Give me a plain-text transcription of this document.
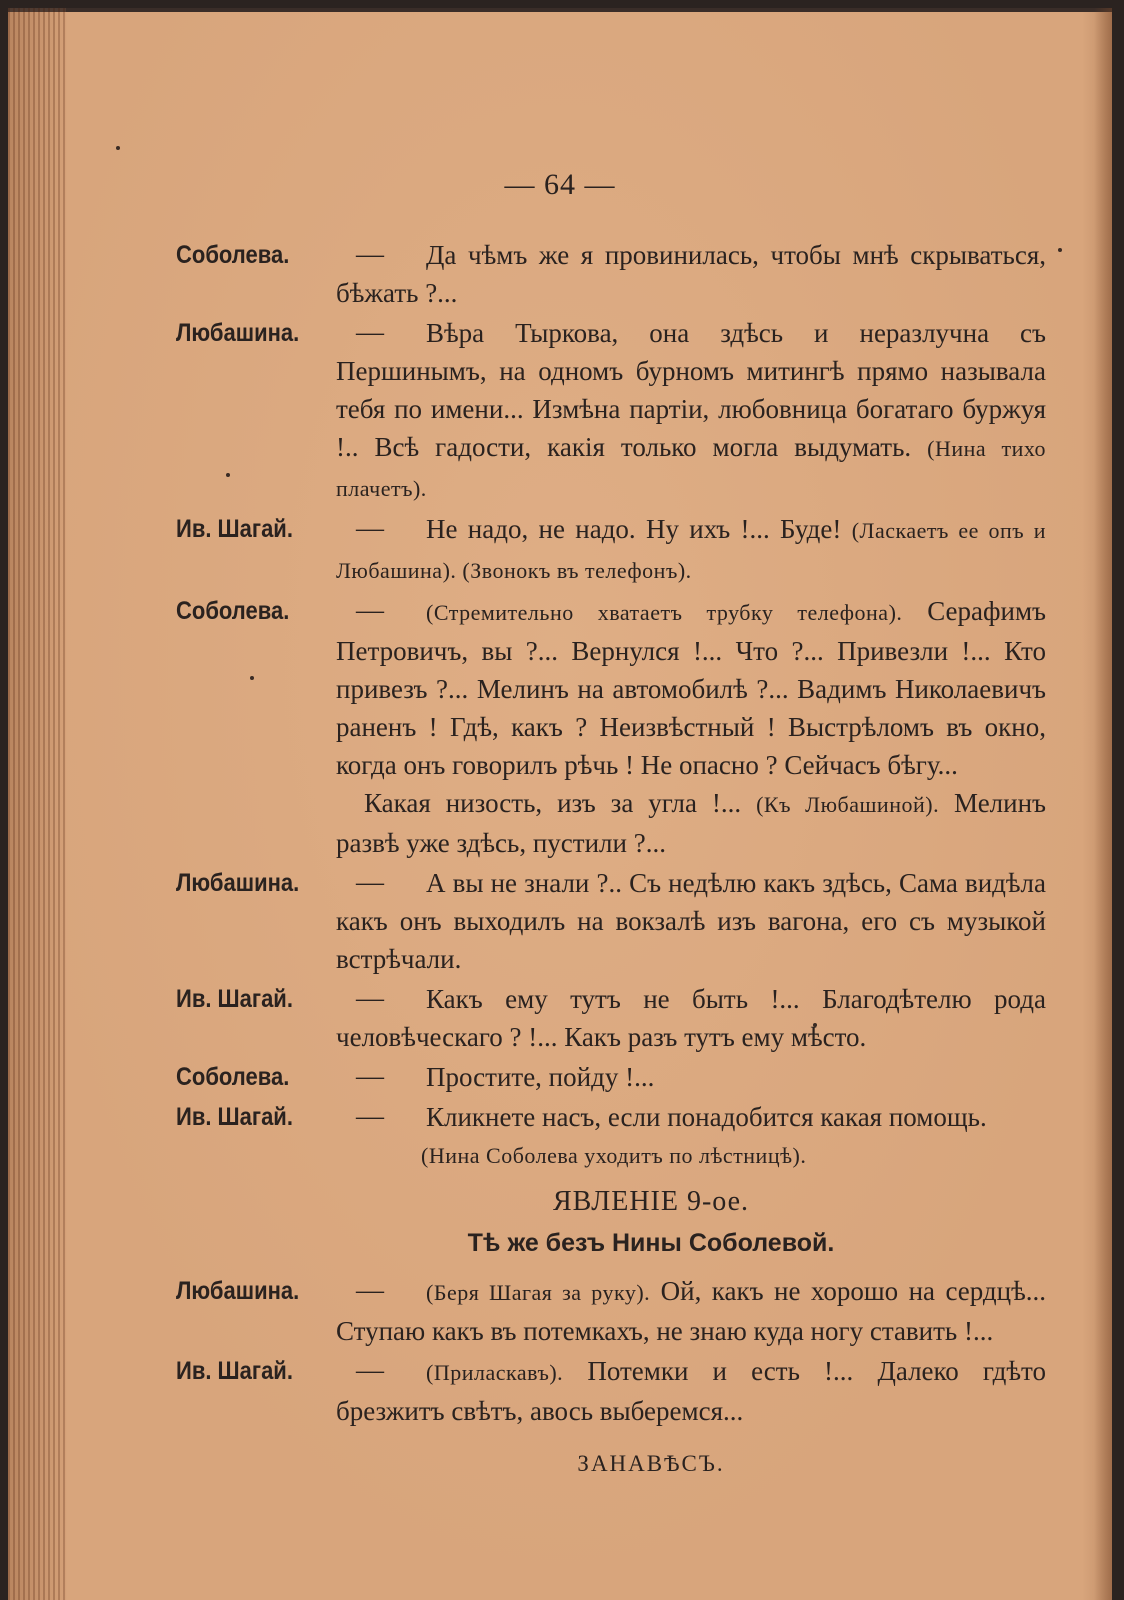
— 64 —
Соболева. —	Да чѣмъ же я провинилась, чтобы мнѣ скрываться, бѣжать ?...
Любашина. —	Вѣра Тыркова, она здѣсь и неразлучна съ Першинымъ, на одномъ бурномъ митингѣ прямо называла тебя по имени... Измѣна партіи, любовница богатаго буржуя !.. Всѣ гадости, какія только могла выдумать. (Нина тихо плачетъ).
Ив. Шагай. —	Не надо, не надо. Ну ихъ !... Буде! (Ласкаетъ ее опъ и Любашина). (Звонокъ въ телефонъ).
Соболева. —	(Стремительно хватаетъ трубку телефона). Серафимъ Петровичъ, вы ?... Вернулся !... Что ?... Привезли !... Кто привезъ ?... Мелинъ на автомобилѣ ?... Вадимъ Николаевичъ раненъ ! Гдѣ, какъ ? Неизвѣстный ! Выстрѣломъ въ окно, когда онъ говорилъ рѣчь ! Не опасно ? Сейчасъ бѣгу...
Какая низость, изъ за угла !... (Къ Любашиной). Мелинъ развѣ уже здѣсь, пустили ?...
Любашина. —	А вы не знали ?.. Съ недѣлю какъ здѣсь, Сама видѣла какъ онъ выходилъ на вокзалѣ изъ вагона, его съ музыкой встрѣчали.
Ив. Шагай. —	Какъ ему тутъ не быть !... Благодѣтелю рода человѣческаго ? !... Какъ разъ тутъ ему мѣсто.
Соболева. —	Простите, пойду !...
Ив. Шагай. —	Кликнете насъ, если понадобится какая помощь.
(Нина Соболева уходитъ по лѣстницѣ).
ЯВЛЕНІЕ 9-ое.
Тѣ же безъ Нины Соболевой.
Любашина. —	(Беря Шагая за руку). Ой, какъ не хорошо на сердцѣ... Ступаю какъ въ потемкахъ, не знаю куда ногу ставить !...
Ив. Шагай. —	(Приласкавъ). Потемки и есть !... Далеко гдѣто брезжитъ свѣтъ, авось выберемся...
ЗАНАВѢСЪ.
